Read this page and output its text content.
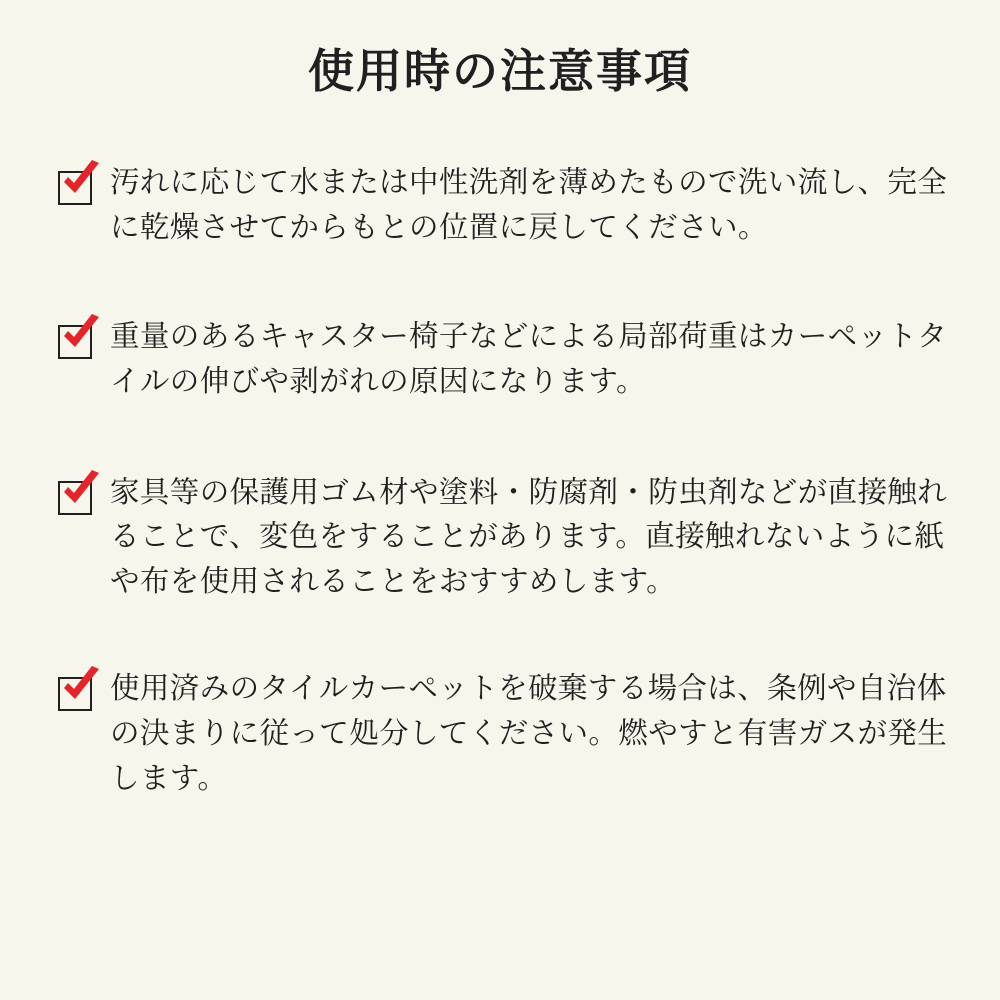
使用時の注意事項
汚れに応じて水または中性洗剤を薄めたもので洗い流し、完全に乾燥させてからもとの位置に戻してください。
重量のあるキャスター椅子などによる局部荷重はカーペットタイルの伸びや剥がれの原因になります。
家具等の保護用ゴム材や塗料・防腐剤・防虫剤などが直接触れることで、変色をすることがあります。直接触れないように紙や布を使用されることをおすすめします。
使用済みのタイルカーペットを破棄する場合は、条例や自治体の決まりに従って処分してください。燃やすと有害ガスが発生します。
